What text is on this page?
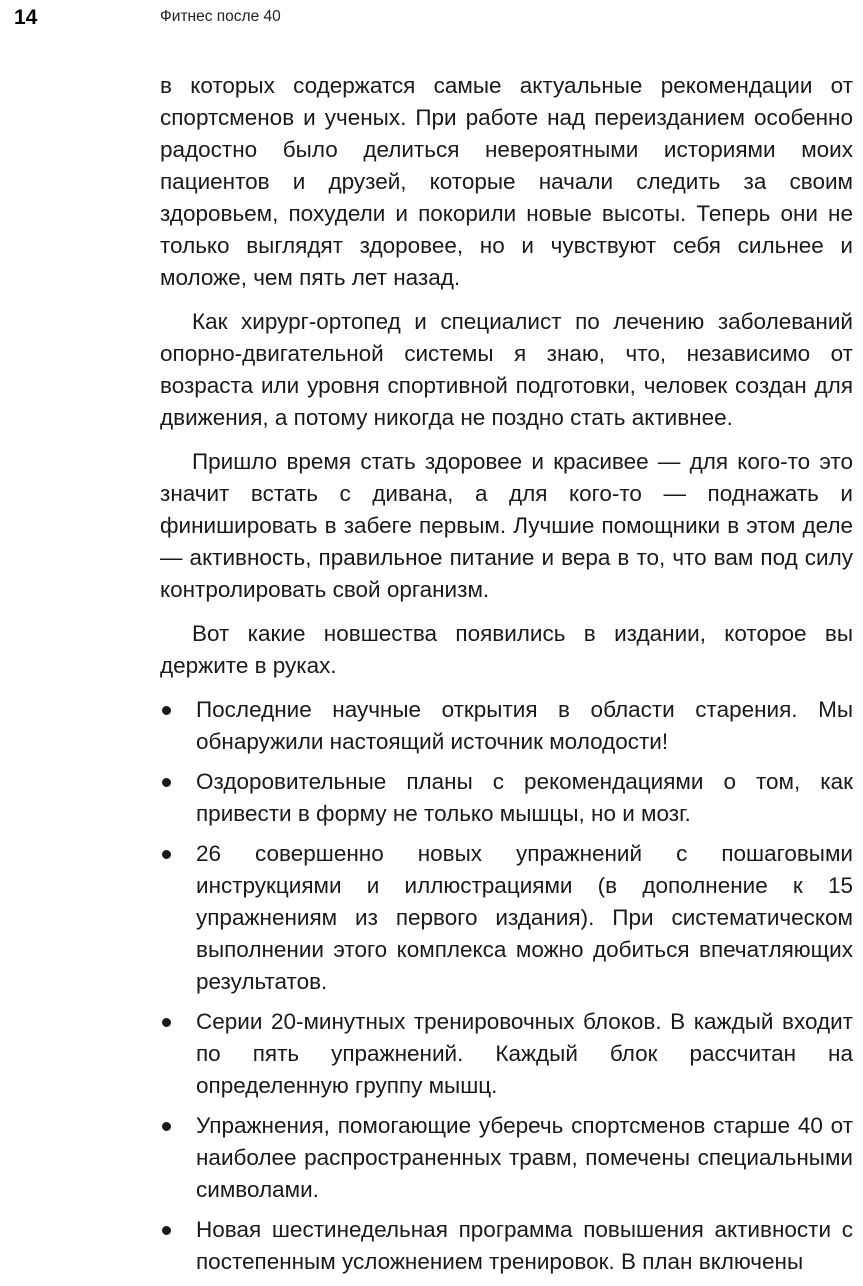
14	Фитнес после 40

в которых содержатся самые актуальные рекомендации от спортсменов и ученых. При работе над переизданием особенно радостно было делиться невероятными историями моих пациентов и друзей, которые начали следить за своим здоровьем, похудели и покорили новые высоты. Теперь они не только выглядят здоровее, но и чувствуют себя сильнее и моложе, чем пять лет назад.

Как хирург-ортопед и специалист по лечению заболеваний опорно-двигательной системы я знаю, что, независимо от возраста или уровня спортивной подготовки, человек создан для движения, а потому никогда не поздно стать активнее.

Пришло время стать здоровее и красивее — для кого-то это значит встать с дивана, а для кого-то — поднажать и финишировать в забеге первым. Лучшие помощники в этом деле — активность, правильное питание и вера в то, что вам под силу контролировать свой организм.

Вот какие новшества появились в издании, которое вы держите в руках.

Последние научные открытия в области старения. Мы обнаружили настоящий источник молодости!
Оздоровительные планы с рекомендациями о том, как привести в форму не только мышцы, но и мозг.
26 совершенно новых упражнений с пошаговыми инструкциями и иллюстрациями (в дополнение к 15 упражнениям из первого издания). При систематическом выполнении этого комплекса можно добиться впечатляющих результатов.
Серии 20-минутных тренировочных блоков. В каждый входит по пять упражнений. Каждый блок рассчитан на определенную группу мышц.
Упражнения, помогающие уберечь спортсменов старше 40 от наиболее распространенных травм, помечены специальными символами.
Новая шестинедельная программа повышения активности с постепенным усложнением тренировок. В план включены
